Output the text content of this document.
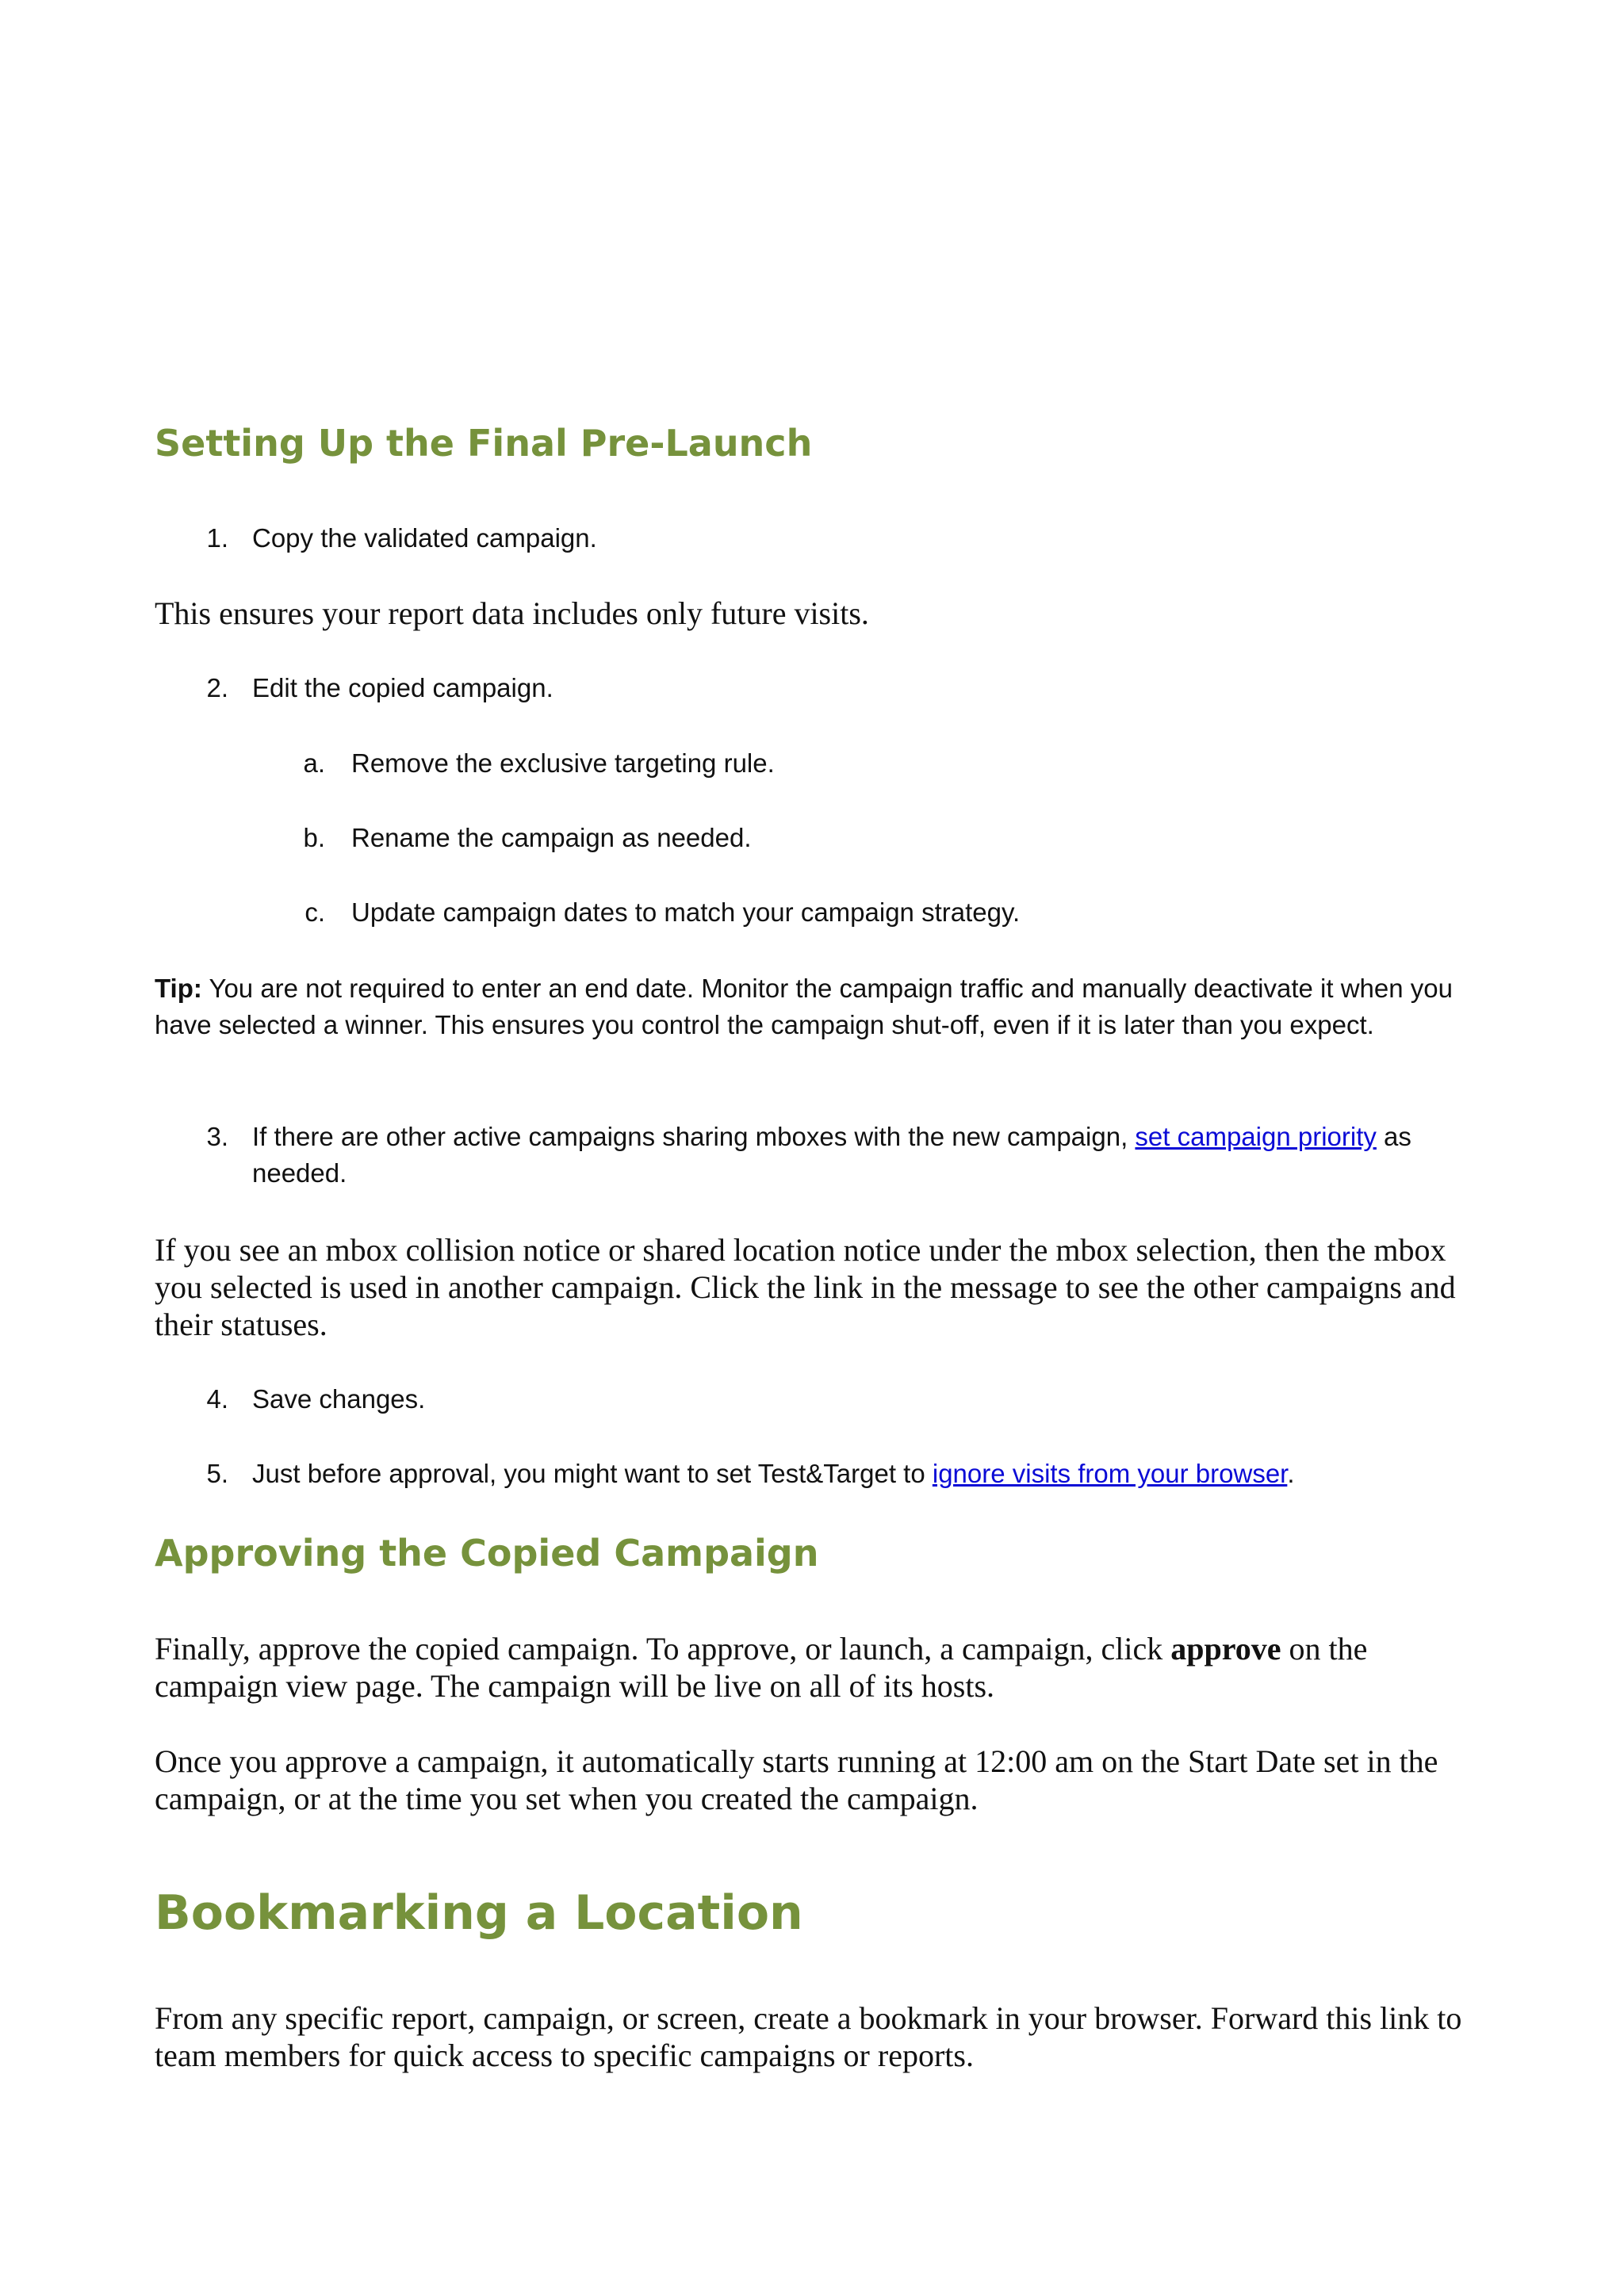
Setting Up the Final Pre-Launch
1. Copy the validated campaign.

This ensures your report data includes only future visits.

2. Edit the copied campaign.

a. Remove the exclusive targeting rule.

b. Rename the campaign as needed.

c. Update campaign dates to match your campaign strategy.

Tip: You are not required to enter an end date. Monitor the campaign traffic and manually deactivate it when you have selected a winner. This ensures you control the campaign shut-off, even if it is later than you expect.

3. If there are other active campaigns sharing mboxes with the new campaign, set campaign priority as needed.

If you see an mbox collision notice or shared location notice under the mbox selection, then the mbox you selected is used in another campaign. Click the link in the message to see the other campaigns and their statuses.

4. Save changes.

5. Just before approval, you might want to set Test&Target to ignore visits from your browser.

Approving the Copied Campaign

Finally, approve the copied campaign. To approve, or launch, a campaign, click approve on the campaign view page. The campaign will be live on all of its hosts.

Once you approve a campaign, it automatically starts running at 12:00 am on the Start Date set in the campaign, or at the time you set when you created the campaign.

Bookmarking a Location

From any specific report, campaign, or screen, create a bookmark in your browser. Forward this link to team members for quick access to specific campaigns or reports.
